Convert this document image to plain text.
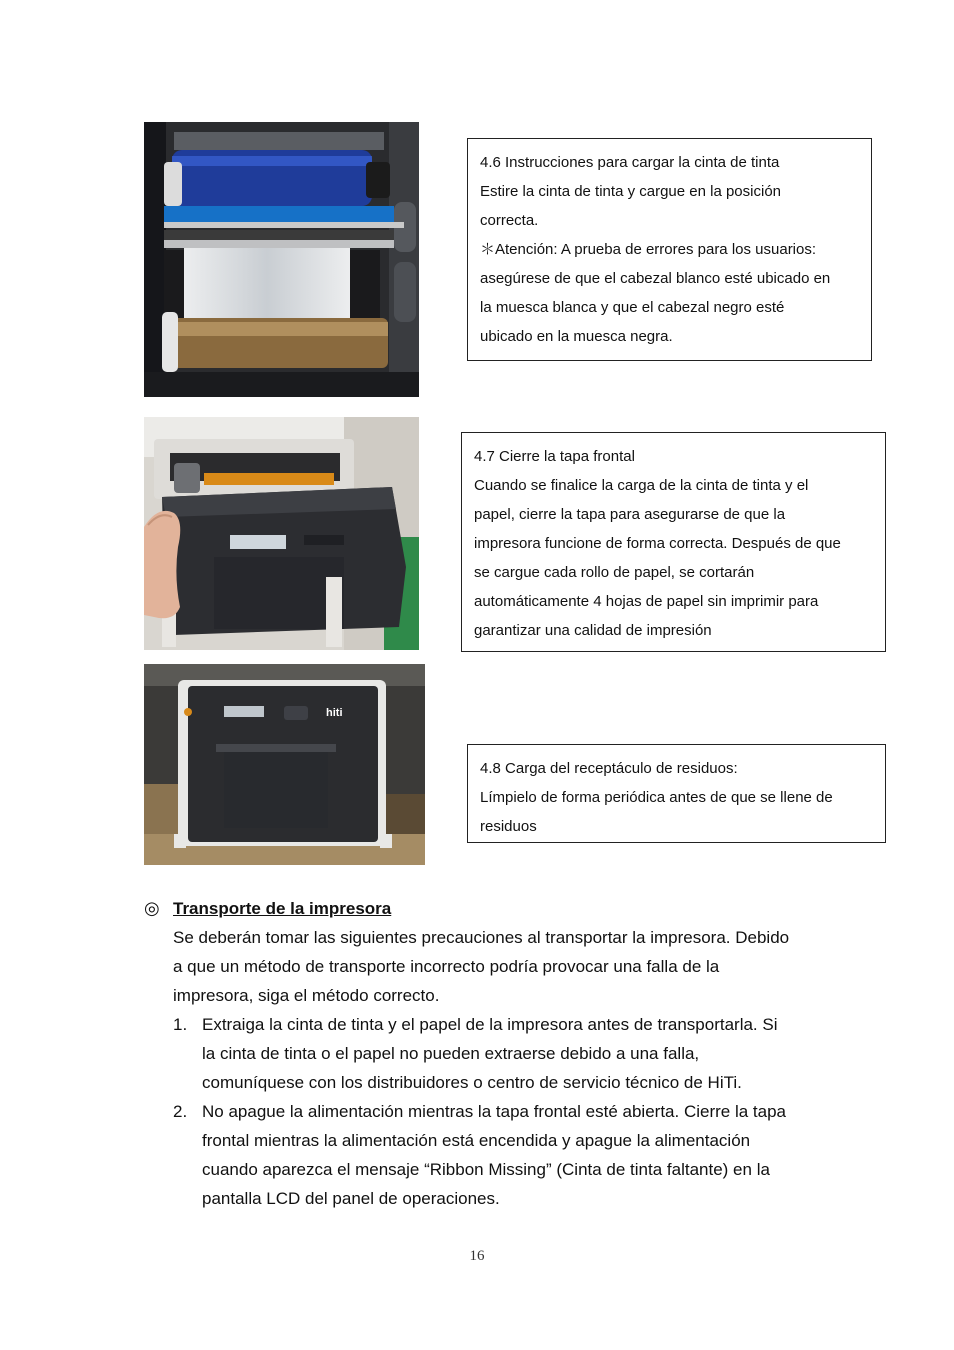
4.6 Instrucciones para cargar la cinta de tinta

Estire la cinta de tinta y cargue en la posición

correcta.

＊Atención: A prueba de errores para los usuarios:

asegúrese de que el cabezal blanco esté ubicado en

la muesca blanca y que el cabezal negro esté

ubicado en la muesca negra.

4.7 Cierre la tapa frontal

Cuando se finalice la carga de la cinta de tinta y el

papel, cierre la tapa para asegurarse de que la

impresora funcione de forma correcta. Después de que

se cargue cada rollo de papel, se cortarán

automáticamente 4 hojas de papel sin imprimir para

garantizar una calidad de impresión

hiti

4.8 Carga del receptáculo de residuos:

Límpielo de forma periódica antes de que se llene de

residuos

◎ Transporte de la impresora

Se deberán tomar las siguientes precauciones al transportar la impresora. Debido
a que un método de transporte incorrecto podría provocar una falla de la
impresora, siga el método correcto.

1. Extraiga la cinta de tinta y el papel de la impresora antes de transportarla. Si
la cinta de tinta o el papel no pueden extraerse debido a una falla,
comuníquese con los distribuidores o centro de servicio técnico de HiTi.
2. No apague la alimentación mientras la tapa frontal esté abierta. Cierre la tapa
frontal mientras la alimentación está encendida y apague la alimentación
cuando aparezca el mensaje “Ribbon Missing” (Cinta de tinta faltante) en la
pantalla LCD del panel de operaciones.
16
